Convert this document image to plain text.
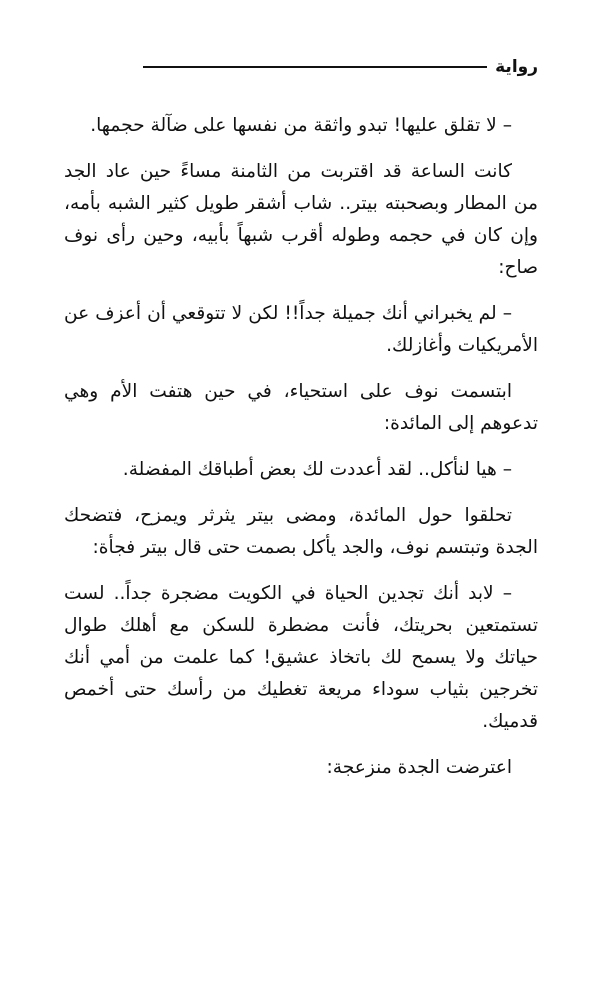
رواية

– لا تقلق عليها! تبدو واثقة من نفسها على ضآلة حجمها.

كانت الساعة قد اقتربت من الثامنة مساءً حين عاد الجد من المطار وبصحبته بيتر.. شاب أشقر طويل كثير الشبه بأمه، وإن كان في حجمه وطوله أقرب شبهاً بأبيه، وحين رأى نوف صاح:

– لم يخبراني أنك جميلة جداً!! لكن لا تتوقعي أن أعزف عن الأمريكيات وأغازلك.

ابتسمت نوف على استحياء، في حين هتفت الأم وهي تدعوهم إلى المائدة:

– هيا لنأكل.. لقد أعددت لك بعض أطباقك المفضلة.

تحلقوا حول المائدة، ومضى بيتر يثرثر ويمزح، فتضحك الجدة وتبتسم نوف، والجد يأكل بصمت حتى قال بيتر فجأة:

– لابد أنك تجدين الحياة في الكويت مضجرة جداً.. لست تستمتعين بحريتك، فأنت مضطرة للسكن مع أهلك طوال حياتك ولا يسمح لك باتخاذ عشيق! كما علمت من أمي أنك تخرجين بثياب سوداء مريعة تغطيك من رأسك حتى أخمص قدميك.

اعترضت الجدة منزعجة:
